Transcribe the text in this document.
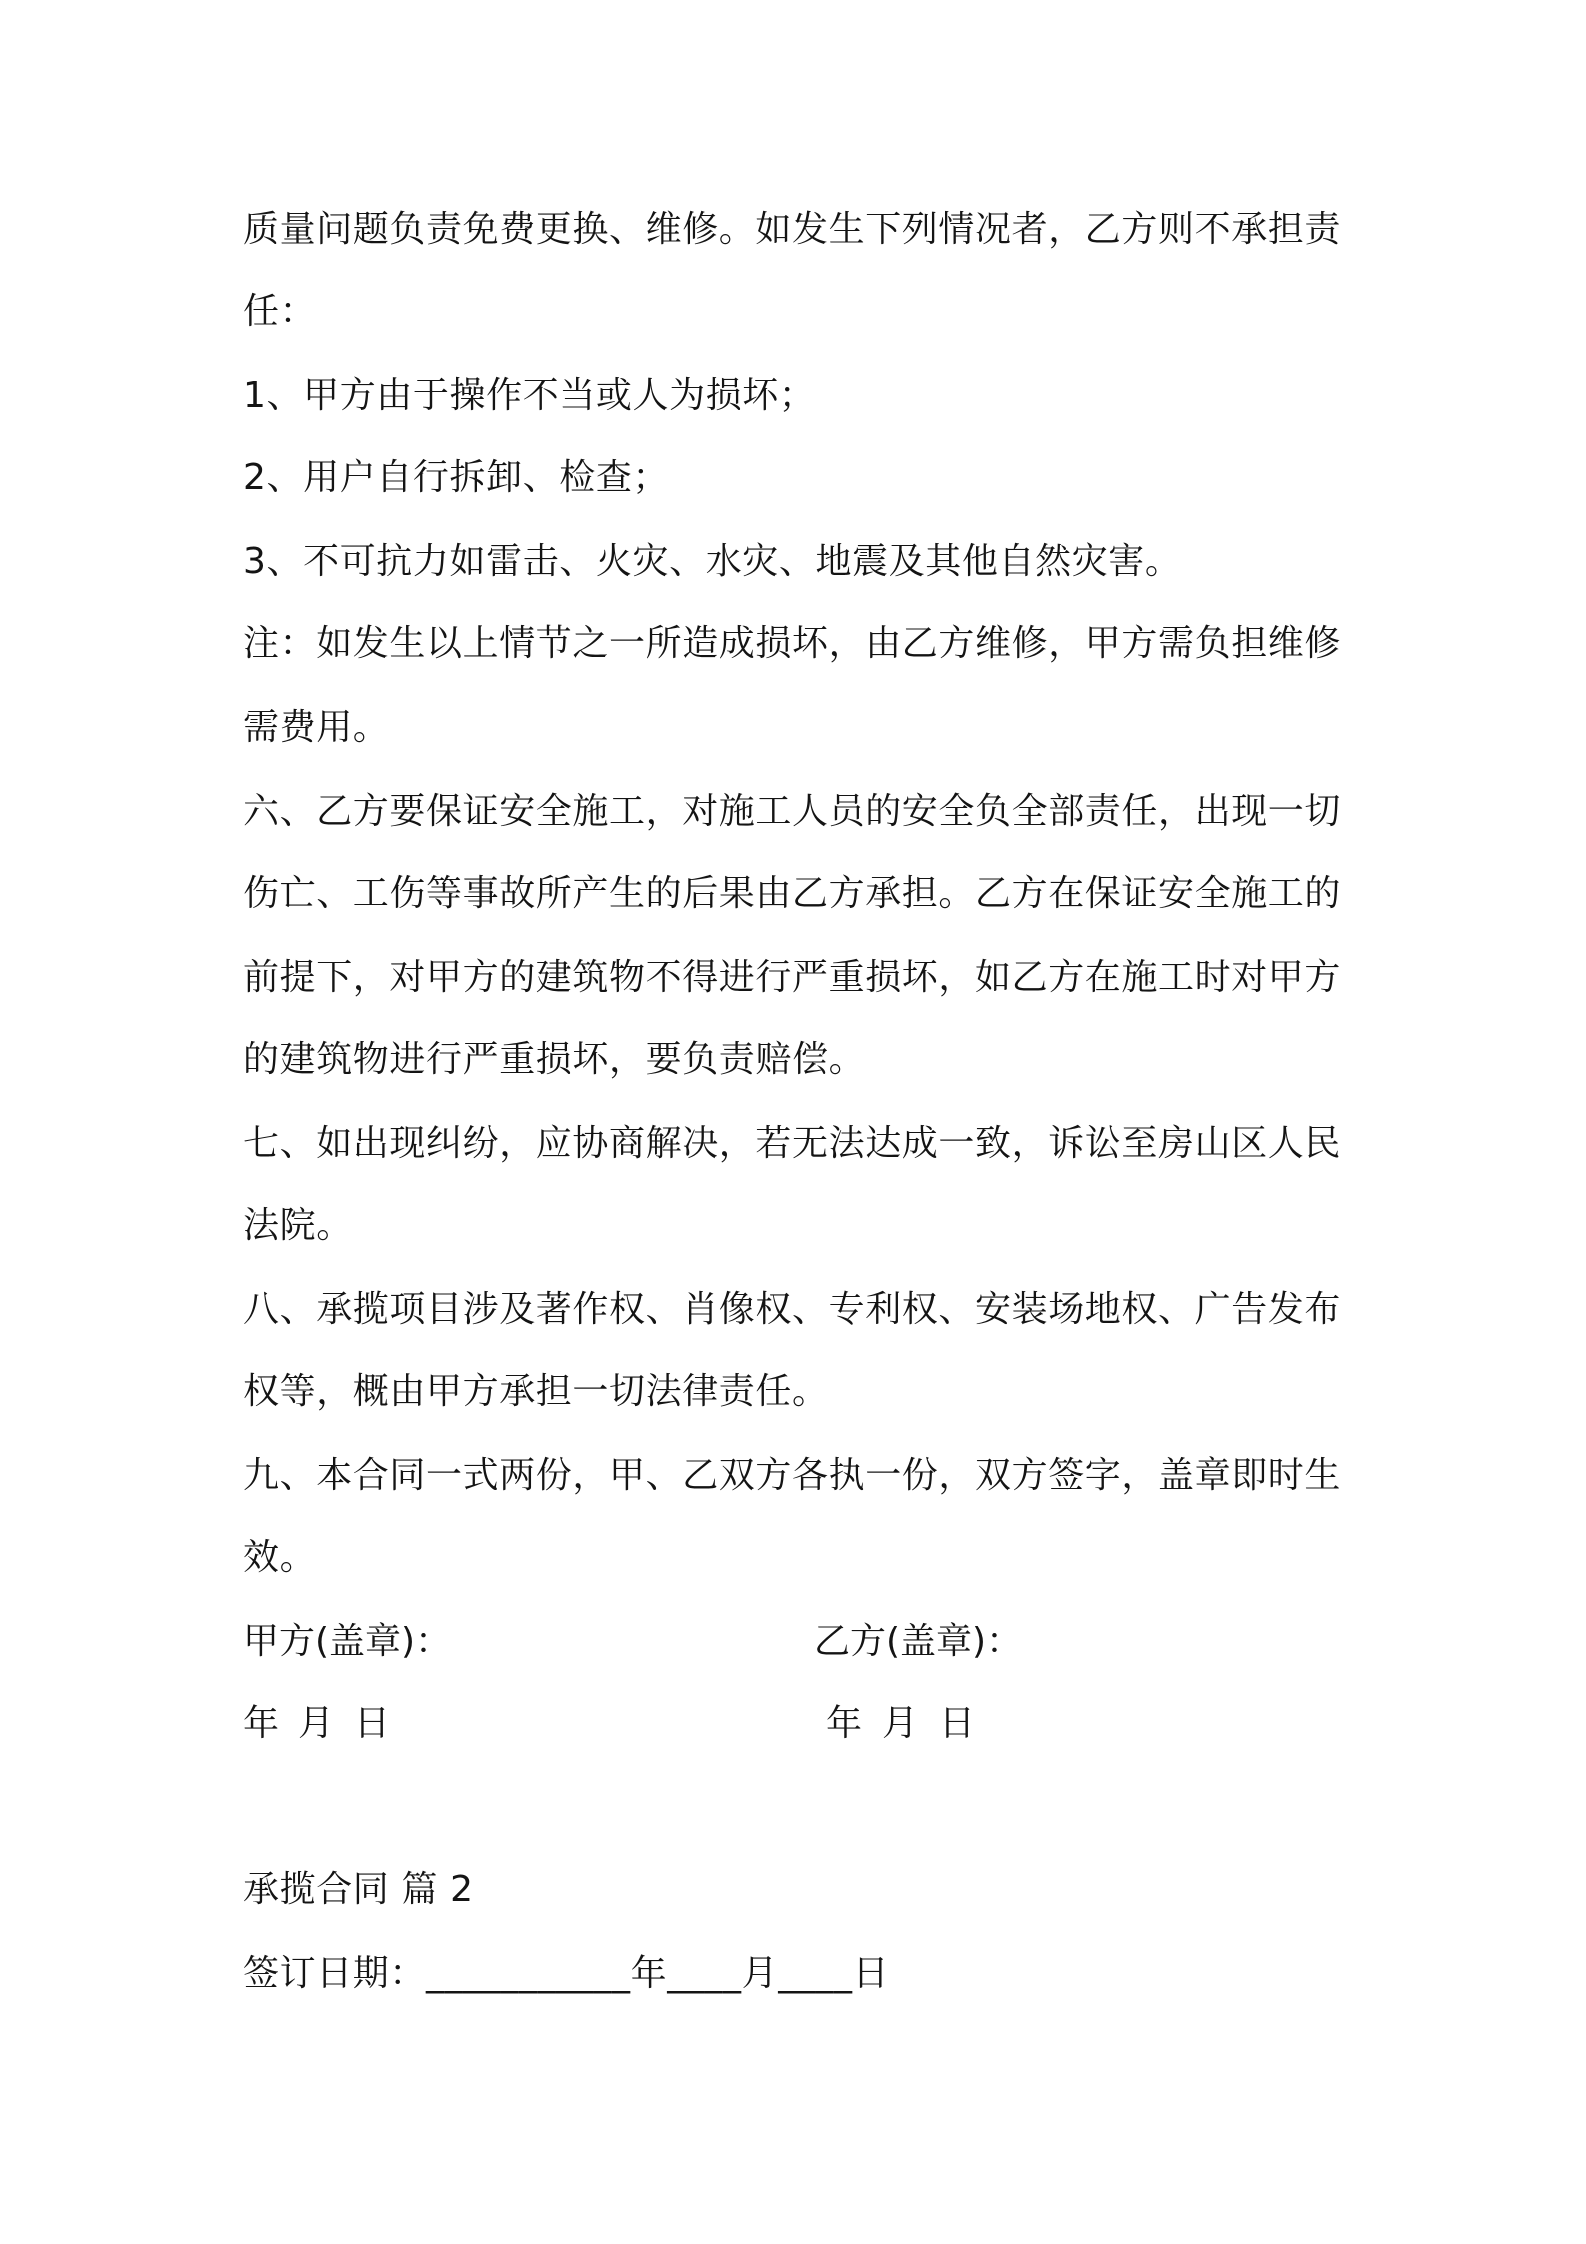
质量问题负责免费更换、维修。如发生下列情况者，乙方则不承担责
任：
1、甲方由于操作不当或人为损坏；
2、用户自行拆卸、检查；
3、不可抗力如雷击、火灾、水灾、地震及其他自然灾害。
注：如发生以上情节之一所造成损坏，由乙方维修，甲方需负担维修
需费用。
六、乙方要保证安全施工，对施工人员的安全负全部责任，出现一切
伤亡、工伤等事故所产生的后果由乙方承担。乙方在保证安全施工的
前提下，对甲方的建筑物不得进行严重损坏，如乙方在施工时对甲方
的建筑物进行严重损坏，要负责赔偿。
七、如出现纠纷，应协商解决，若无法达成一致，诉讼至房山区人民
法院。
八、承揽项目涉及著作权、肖像权、专利权、安装场地权、广告发布
权等，概由甲方承担一切法律责任。
九、本合同一式两份，甲、乙双方各执一份，双方签字，盖章即时生
效。
甲方(盖章)：	乙方(盖章)：
年 月 日	年 月 日
承揽合同 篇 2
签订日期：___________年____月____日
